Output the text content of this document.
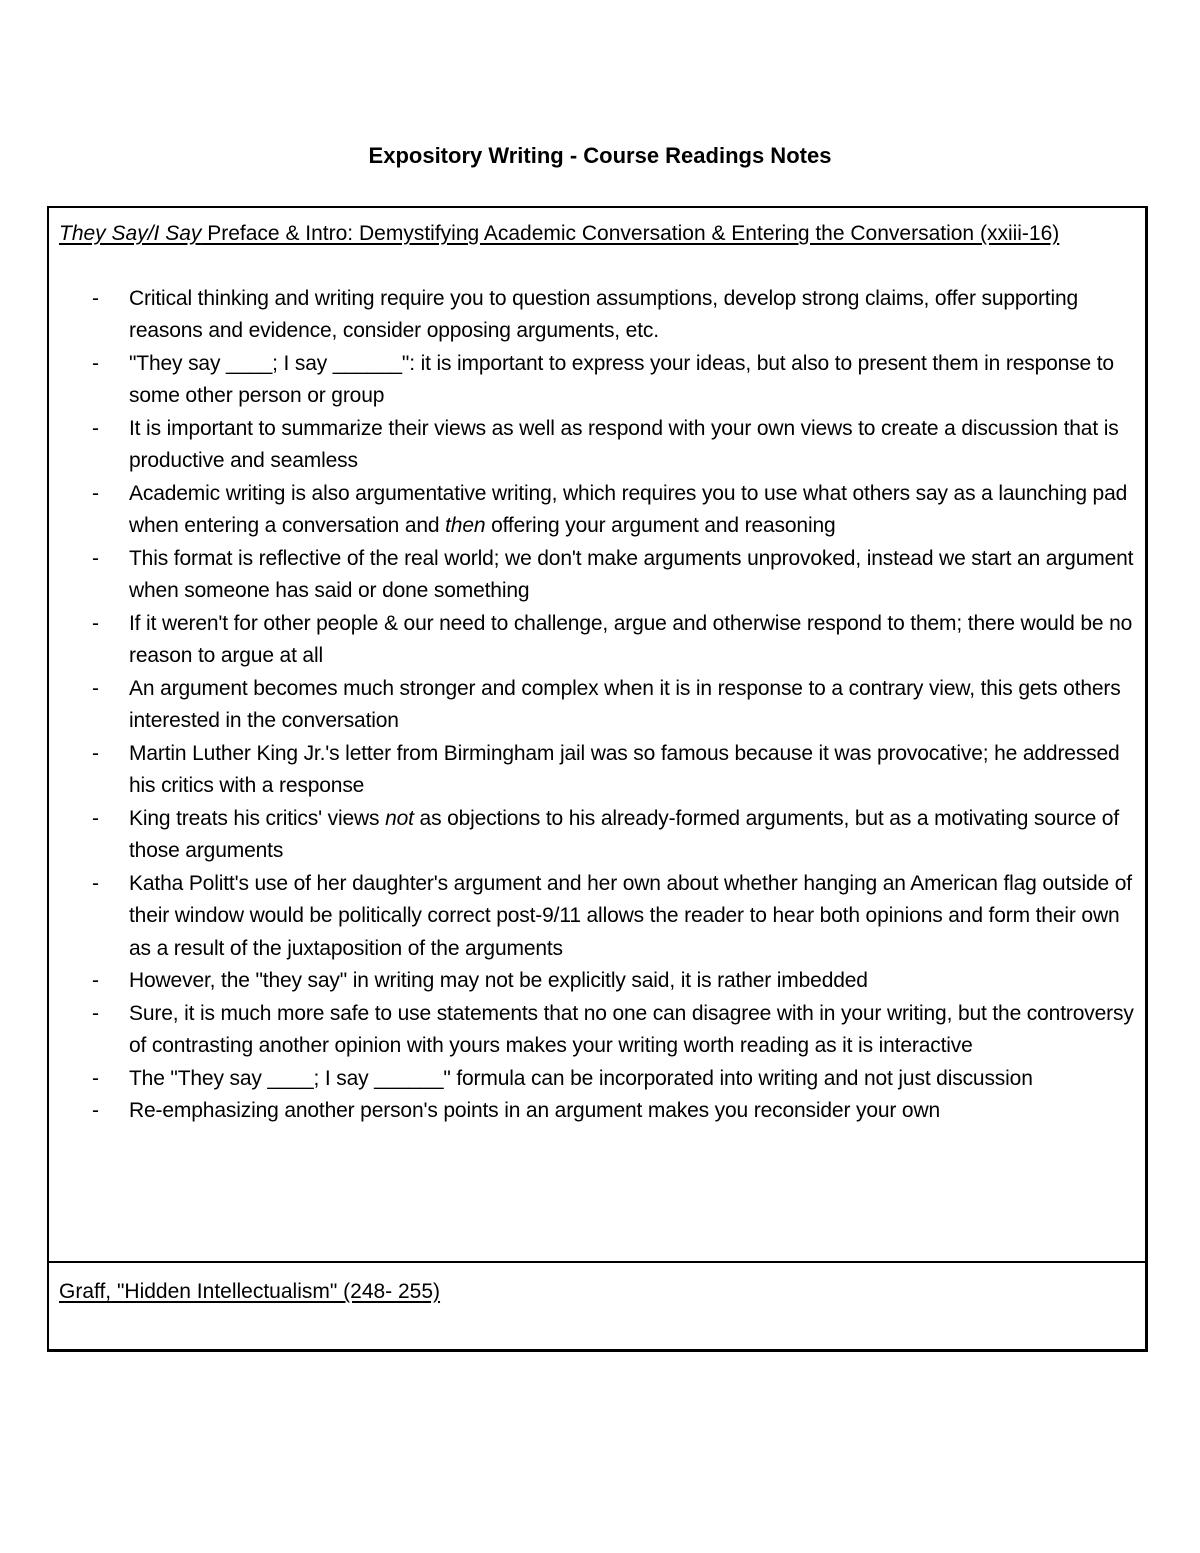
Expository Writing - Course Readings Notes

They Say/I Say Preface & Intro: Demystifying Academic Conversation & Entering the Conversation (xxiii-16)

- Critical thinking and writing require you to question assumptions, develop strong claims, offer supporting reasons and evidence, consider opposing arguments, etc.
- "They say ____; I say ______": it is important to express your ideas, but also to present them in response to some other person or group
- It is important to summarize their views as well as respond with your own views to create a discussion that is productive and seamless
- Academic writing is also argumentative writing, which requires you to use what others say as a launching pad when entering a conversation and then offering your argument and reasoning
- This format is reflective of the real world; we don't make arguments unprovoked, instead we start an argument when someone has said or done something
- If it weren't for other people & our need to challenge, argue and otherwise respond to them; there would be no reason to argue at all
- An argument becomes much stronger and complex when it is in response to a contrary view, this gets others interested in the conversation
- Martin Luther King Jr.'s letter from Birmingham jail was so famous because it was provocative; he addressed his critics with a response
- King treats his critics' views not as objections to his already-formed arguments, but as a motivating source of those arguments
- Katha Politt's use of her daughter's argument and her own about whether hanging an American flag outside of their window would be politically correct post-9/11 allows the reader to hear both opinions and form their own as a result of the juxtaposition of the arguments
- However, the "they say" in writing may not be explicitly said, it is rather imbedded
- Sure, it is much more safe to use statements that no one can disagree with in your writing, but the controversy of contrasting another opinion with yours makes your writing worth reading as it is interactive
- The "They say ____; I say ______" formula can be incorporated into writing and not just discussion
- Re-emphasizing another person's points in an argument makes you reconsider your own

Graff, "Hidden Intellectualism" (248- 255)
